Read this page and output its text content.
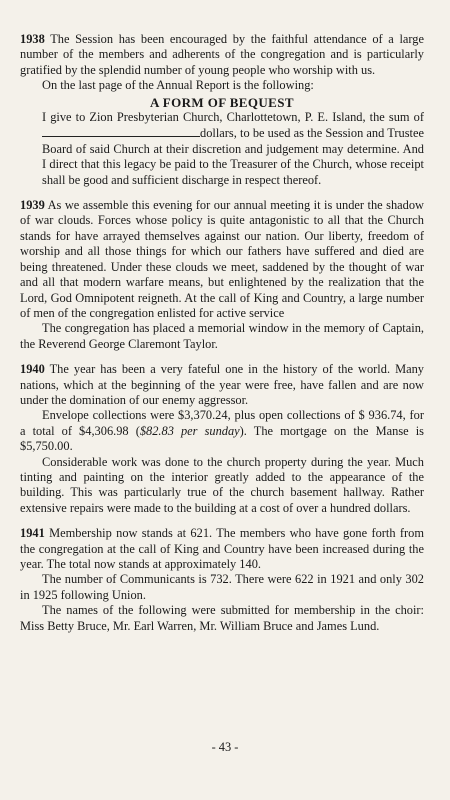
1938 The Session has been encouraged by the faithful attendance of a large number of the members and adherents of the congregation and is particularly gratified by the splendid number of young people who worship with us.

On the last page of the Annual Report is the following:

A FORM OF BEQUEST

I give to Zion Presbyterian Church, Charlottetown, P. E. Island, the sum of dollars, to be used as the Session and Trustee Board of said Church at their discretion and judgement may determine. And I direct that this legacy be paid to the Treasurer of the Church, whose receipt shall be good and sufficient discharge in respect thereof.

1939 As we assemble this evening for our annual meeting it is under the shadow of war clouds. Forces whose policy is quite antagonistic to all that the Church stands for have arrayed themselves against our nation. Our liberty, freedom of worship and all those things for which our fathers have suffered and died are being threatened. Under these clouds we meet, saddened by the thought of war and all that modern warfare means, but enlightened by the realization that the Lord, God Omnipotent reigneth. At the call of King and Country, a large number of men of the congregation enlisted for active service

The congregation has placed a memorial window in the memory of Captain, the Reverend George Claremont Taylor.

1940 The year has been a very fateful one in the history of the world. Many nations, which at the beginning of the year were free, have fallen and are now under the domination of our enemy aggressor.

Envelope collections were $3,370.24, plus open collections of $ 936.74, for a total of $4,306.98 ($82.83 per sunday). The mortgage on the Manse is $5,750.00.

Considerable work was done to the church property during the year. Much tinting and painting on the interior greatly added to the appearance of the building. This was particularly true of the church basement hallway. Rather extensive repairs were made to the building at a cost of over a hundred dollars.

1941 Membership now stands at 621. The members who have gone forth from the congregation at the call of King and Country have been increased during the year. The total now stands at approximately 140.

The number of Communicants is 732. There were 622 in 1921 and only 302 in 1925 following Union.

The names of the following were submitted for membership in the choir: Miss Betty Bruce, Mr. Earl Warren, Mr. William Bruce and James Lund.

- 43 -
